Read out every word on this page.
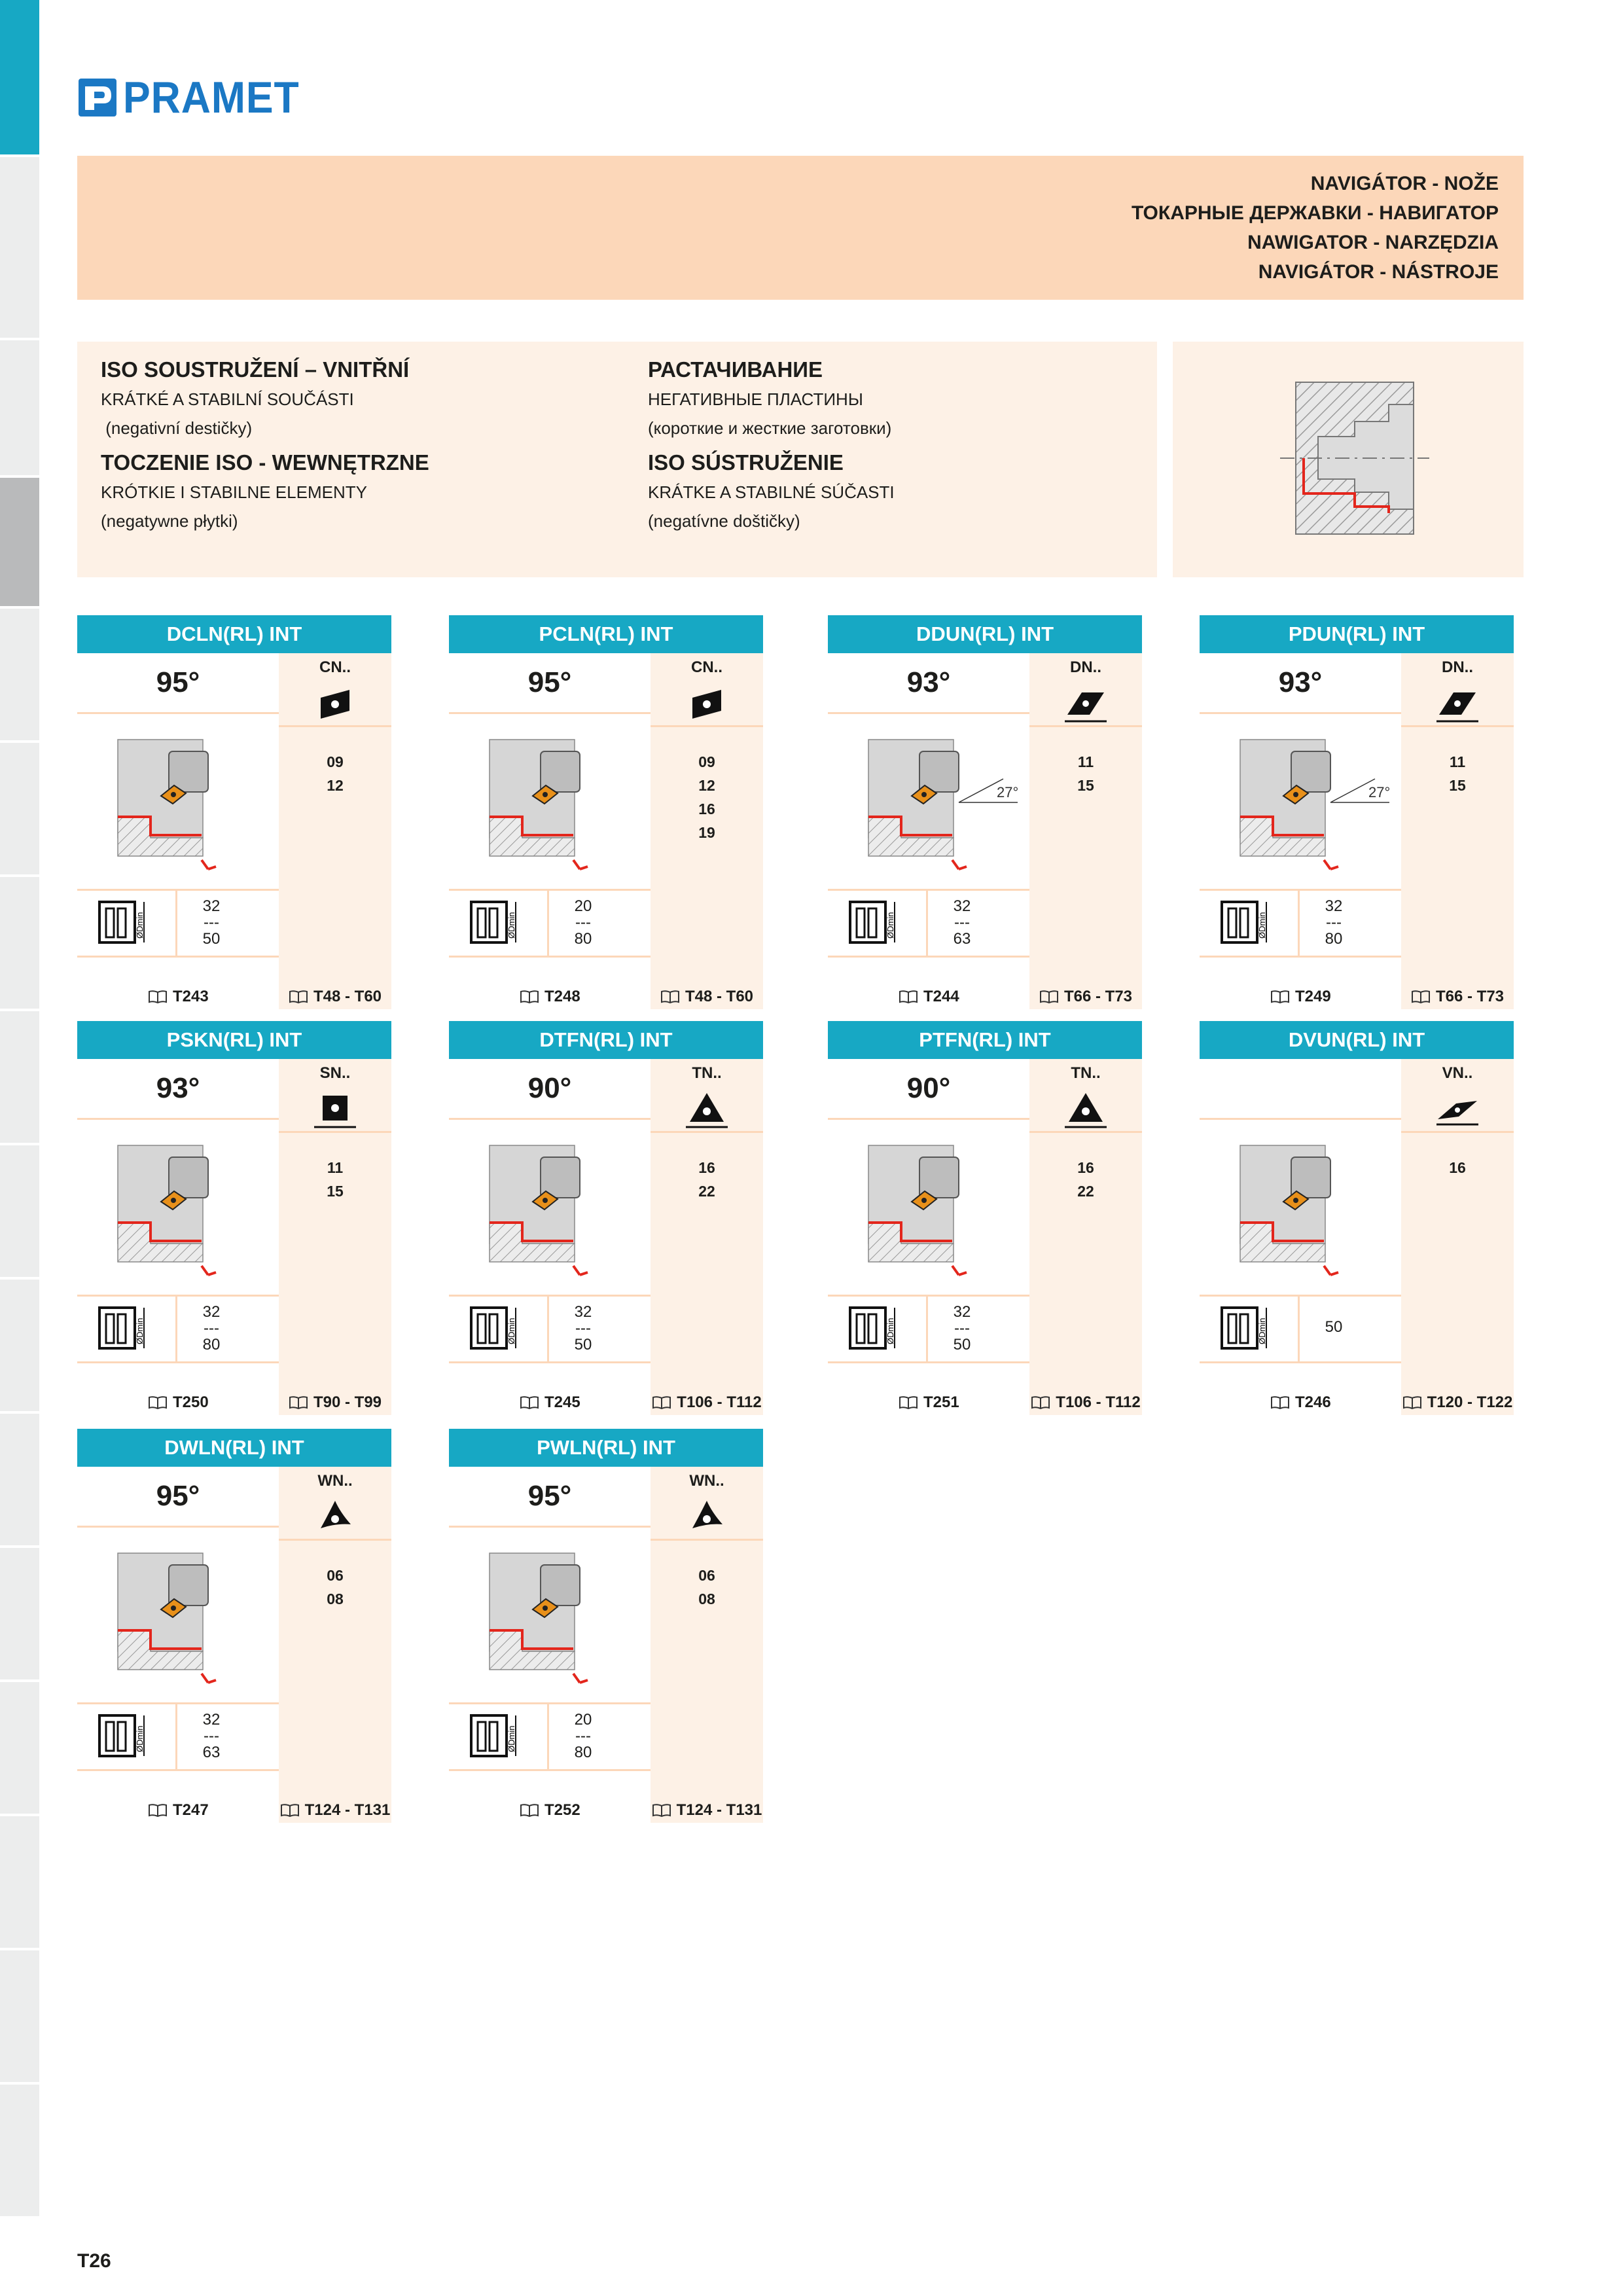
PRAMET
NAVIGÁTOR - NOŽE
ТОКАРНЫЕ ДЕРЖАВКИ - НАВИГАТОР
NAWIGATOR - NARZĘDZIA
NAVIGÁTOR - NÁSTROJE
ISO SOUSTRUŽENÍ – VNITŘNÍ
KRÁTKÉ A STABILNÍ SOUČÁSTI
(negativní destičky)
TOCZENIE ISO - WEWNĘTRZNE
KRÓTKIE I STABILNE ELEMENTY
(negatywne płytki)
РАСТАЧИВАНИЕ
НЕГАТИВНЫЕ ПЛАСТИНЫ
(короткие и жесткие заготовки)
ISO SÚSTRUŽENIE
KRÁTKE A STABILNÉ SÚČASTI
(negatívne doštičky)
DCLN(RL) INT
95°	CN..
09
12
ØDmin
32
---
50
T243	T48 - T60
PCLN(RL) INT
95°	CN..
09
12
16
19
ØDmin
20
---
80
T248	T48 - T60
DDUN(RL) INT
93°	DN..
11
15
27°
ØDmin
32
---
63
T244	T66 - T73
PDUN(RL) INT
93°	DN..
11
15
27°
ØDmin
32
---
80
T249	T66 - T73
PSKN(RL) INT
93°	SN..
11
15
ØDmin
32
---
80
T250	T90 - T99
DTFN(RL) INT
90°	TN..
16
22
ØDmin
32
---
50
T245	T106 - T112
PTFN(RL) INT
90°	TN..
16
22
ØDmin
32
---
50
T251	T106 - T112
DVUN(RL) INT
VN..
16
ØDmin	50
T246	T120 - T122
DWLN(RL) INT
95°	WN..
06
08
ØDmin
32
---
63
T247	T124 - T131
PWLN(RL) INT
95°	WN..
06
08
ØDmin
20
---
80
T252	T124 - T131
T26
